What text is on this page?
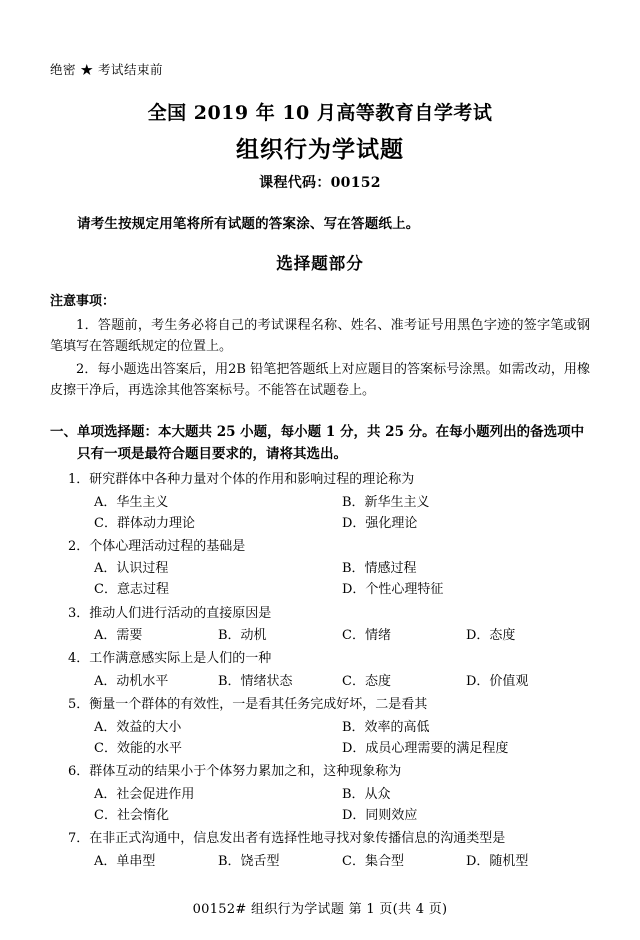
绝密 ★ 考试结束前
全国 2019 年 10 月高等教育自学考试
组织行为学试题
课程代码：00152
请考生按规定用笔将所有试题的答案涂、写在答题纸上。
选择题部分
注意事项：
1．答题前，考生务必将自己的考试课程名称、姓名、准考证号用黑色字迹的签字笔或钢笔填写在答题纸规定的位置上。
2．每小题选出答案后，用2B 铅笔把答题纸上对应题目的答案标号涂黑。如需改动，用橡皮擦干净后，再选涂其他答案标号。不能答在试题卷上。
一、单项选择题：本大题共 25 小题，每小题 1 分，共 25 分。在每小题列出的备选项中
只有一项是最符合题目要求的，请将其选出。
1．研究群体中各种力量对个体的作用和影响过程的理论称为
A．华生主义	B．新华生主义
C．群体动力理论	D．强化理论
2．个体心理活动过程的基础是
A．认识过程	B．情感过程
C．意志过程	D．个性心理特征
3．推动人们进行活动的直接原因是
A．需要	B．动机	C．情绪	D．态度
4．工作满意感实际上是人们的一种
A．动机水平	B．情绪状态	C．态度	D．价值观
5．衡量一个群体的有效性，一是看其任务完成好坏，二是看其
A．效益的大小	B．效率的高低
C．效能的水平	D．成员心理需要的满足程度
6．群体互动的结果小于个体努力累加之和，这种现象称为
A．社会促进作用	B．从众
C．社会惰化	D．同则效应
7．在非正式沟通中，信息发出者有选择性地寻找对象传播信息的沟通类型是
A．单串型	B．饶舌型	C．集合型	D．随机型
00152# 组织行为学试题 第 1 页(共 4 页)
